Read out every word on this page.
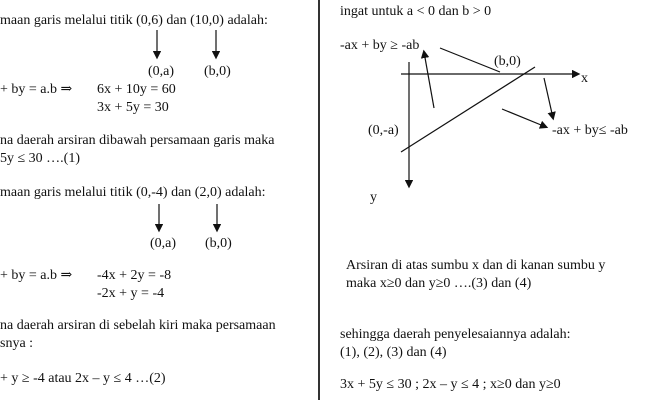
maan garis melalui titik (0,6) dan (10,0) adalah:
(0,a) (b,0)
+ by = a.b ⇒ 6x + 10y = 60
3x + 5y = 30
na daerah arsiran dibawah persamaan garis maka
5y ≤ 30 ….(1)
maan garis melalui titik (0,-4) dan (2,0) adalah:
(0,a) (b,0)
+ by = a.b ⇒ -4x + 2y = -8
-2x + y = -4
na daerah arsiran di sebelah kiri maka persamaan
snya :
+ y ≥ -4 atau 2x – y ≤ 4 …(2)
ingat untuk a < 0 dan b > 0
-ax + by ≥ -ab
(b,0)
x
(0,-a)	-ax + by≤ -ab
y
Arsiran di atas sumbu x dan di kanan sumbu y
maka x≥0 dan y≥0 ….(3) dan (4)
sehingga daerah penyelesaiannya adalah:
(1), (2), (3) dan (4)
3x + 5y ≤ 30 ; 2x – y ≤ 4 ; x≥0 dan y≥0
